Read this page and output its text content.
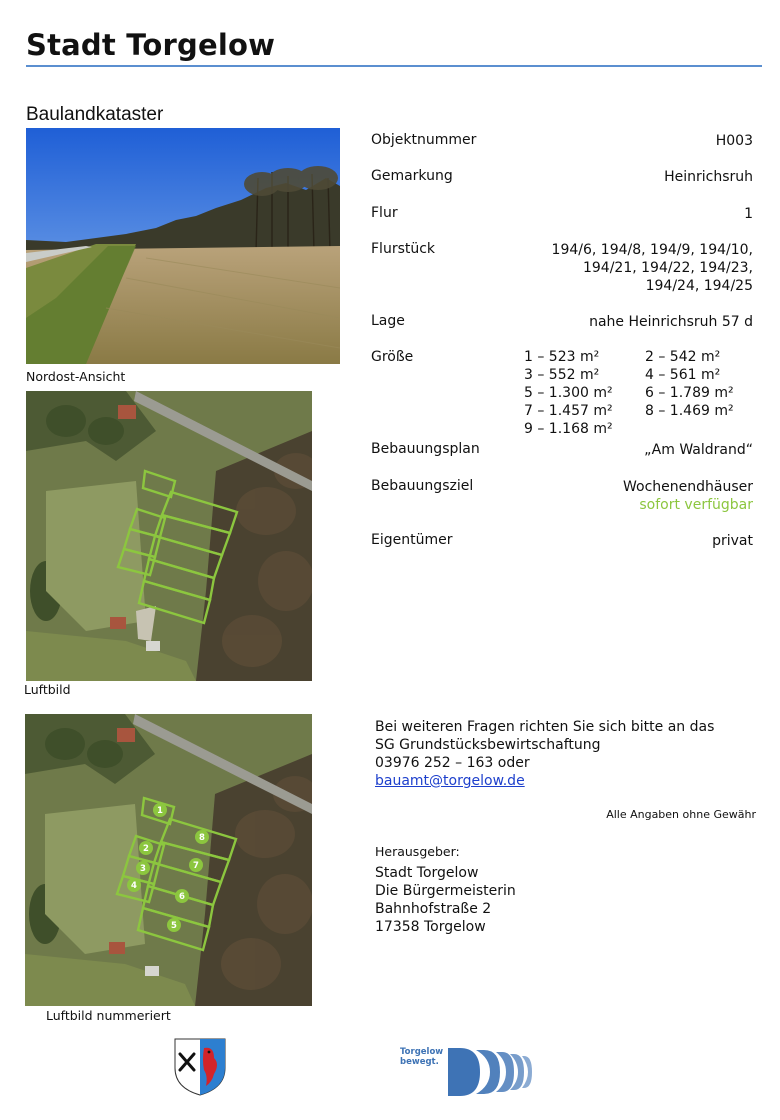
Stadt Torgelow
Baulandkataster
Nordost-Ansicht
Luftbild
1
2
3
4
5
6
7
8
Luftbild nummeriert
Objektnummer	H003
Gemarkung	Heinrichsruh
Flur	1
Flurstück	194/6, 194/8, 194/9, 194/10,
194/21, 194/22, 194/23,
194/24, 194/25
Lage	nahe Heinrichsruh 57 d
Größe	1 – 523 m²	2 – 542 m²
3 – 552 m²	4 – 561 m²
5 – 1.300 m² 6 – 1.789 m²
7 – 1.457 m² 8 – 1.469 m²
9 – 1.168 m²
Bebauungsplan	„Am Waldrand“
Bebauungsziel	Wochenendhäuser
sofort verfügbar
Eigentümer	privat
Bei weiteren Fragen richten Sie sich bitte an das
SG Grundstücksbewirtschaftung
03976 252 – 163 oder
bauamt@torgelow.de
Alle Angaben ohne Gewähr
Herausgeber:
Stadt Torgelow
Die Bürgermeisterin
Bahnhofstraße 2
17358 Torgelow
Torgelow
bewegt.
